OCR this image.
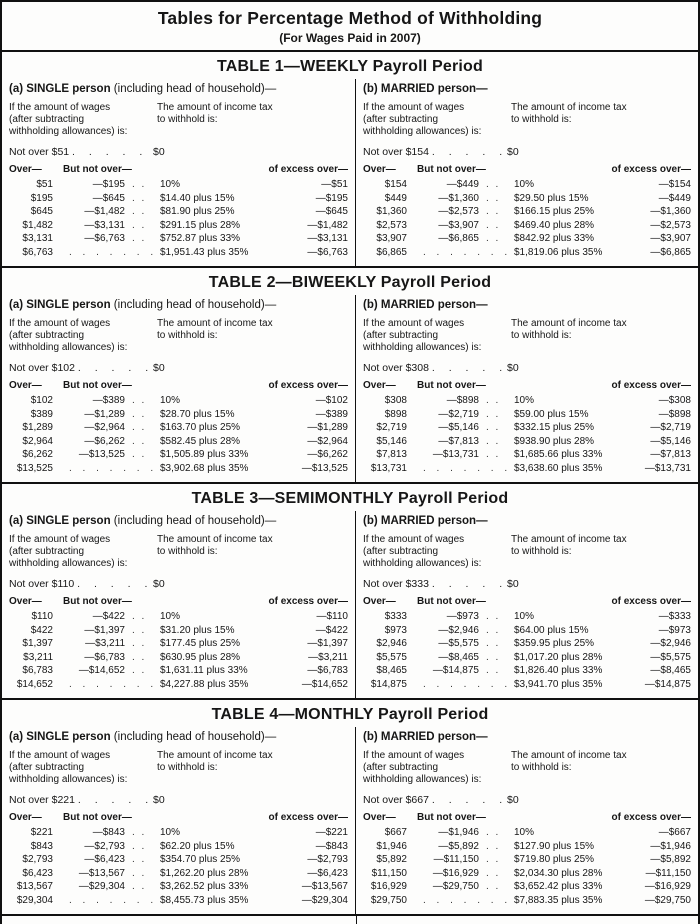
Tables for Percentage Method of Withholding
(For Wages Paid in 2007)
TABLE 1—WEEKLY Payroll Period
(a) SINGLE person (including head of household)—
If the amount of wages
(after subtracting
withholding allowances) is:
The amount of income tax
to withhold is:
Not over $51 . . . . . $0
Over—	But not over—	of excess over—
$51	—$195 . .	10%	—$51
$195	—$645 . .	$14.40 plus 15%	—$195
$645	—$1,482 . .	$81.90 plus 25%	—$645
$1,482	—$3,131 . .	$291.15 plus 28%	—$1,482
$3,131	—$6,763 . .	$752.87 plus 33%	—$3,131
$6,763	. . . . . . . $1,951.43 plus 35%	—$6,763
(b) MARRIED person—
If the amount of wages
(after subtracting
withholding allowances) is:
The amount of income tax
to withhold is:
Not over $154 . . . . . $0
Over—	But not over—	of excess over—
$154	—$449 . .	10%	—$154
$449	—$1,360 . .	$29.50 plus 15%	—$449
$1,360	—$2,573 . .	$166.15 plus 25%	—$1,360
$2,573	—$3,907 . .	$469.40 plus 28%	—$2,573
$3,907	—$6,865 . .	$842.92 plus 33%	—$3,907
$6,865	. . . . . . . $1,819.06 plus 35%	—$6,865
TABLE 2—BIWEEKLY Payroll Period
(a) SINGLE person (including head of household)—
If the amount of wages
(after subtracting
withholding allowances) is:
The amount of income tax
to withhold is:
Not over $102 . . . . . $0
Over—	But not over—	of excess over—
$102	—$389 . .	10%	—$102
$389	—$1,289 . .	$28.70 plus 15%	—$389
$1,289	—$2,964 . .	$163.70 plus 25%	—$1,289
$2,964	—$6,262 . .	$582.45 plus 28%	—$2,964
$6,262	—$13,525 . .	$1,505.89 plus 33%	—$6,262
$13,525	. . . . . . . $3,902.68 plus 35%	—$13,525
(b) MARRIED person—
If the amount of wages
(after subtracting
withholding allowances) is:
The amount of income tax
to withhold is:
Not over $308 . . . . . $0
Over—	But not over—	of excess over—
$308	—$898 . .	10%	—$308
$898	—$2,719 . .	$59.00 plus 15%	—$898
$2,719	—$5,146 . .	$332.15 plus 25%	—$2,719
$5,146	—$7,813 . .	$938.90 plus 28%	—$5,146
$7,813	—$13,731 . .	$1,685.66 plus 33%	—$7,813
$13,731	. . . . . . . $3,638.60 plus 35%	—$13,731
TABLE 3—SEMIMONTHLY Payroll Period
(a) SINGLE person (including head of household)—
If the amount of wages
(after subtracting
withholding allowances) is:
The amount of income tax
to withhold is:
Not over $110 . . . . . $0
Over—	But not over—	of excess over—
$110	—$422 . .	10%	—$110
$422	—$1,397 . .	$31.20 plus 15%	—$422
$1,397	—$3,211 . .	$177.45 plus 25%	—$1,397
$3,211	—$6,783 . .	$630.95 plus 28%	—$3,211
$6,783	—$14,652 . .	$1,631.11 plus 33%	—$6,783
$14,652	. . . . . . . $4,227.88 plus 35%	—$14,652
(b) MARRIED person—
If the amount of wages
(after subtracting
withholding allowances) is:
The amount of income tax
to withhold is:
Not over $333 . . . . . $0
Over—	But not over—	of excess over—
$333	—$973 . .	10%	—$333
$973	—$2,946 . .	$64.00 plus 15%	—$973
$2,946	—$5,575 . .	$359.95 plus 25%	—$2,946
$5,575	—$8,465 . .	$1,017.20 plus 28%	—$5,575
$8,465	—$14,875 . .	$1,826.40 plus 33%	—$8,465
$14,875	. . . . . . . $3,941.70 plus 35%	—$14,875
TABLE 4—MONTHLY Payroll Period
(a) SINGLE person (including head of household)—
If the amount of wages
(after subtracting
withholding allowances) is:
The amount of income tax
to withhold is:
Not over $221 . . . . . $0
Over—	But not over—	of excess over—
$221	—$843 . .	10%	—$221
$843	—$2,793 . .	$62.20 plus 15%	—$843
$2,793	—$6,423 . .	$354.70 plus 25%	—$2,793
$6,423	—$13,567 . .	$1,262.20 plus 28%	—$6,423
$13,567	—$29,304 . .	$3,262.52 plus 33%	—$13,567
$29,304	. . . . . . . $8,455.73 plus 35%	—$29,304
(b) MARRIED person—
If the amount of wages
(after subtracting
withholding allowances) is:
The amount of income tax
to withhold is:
Not over $667 . . . . . $0
Over—	But not over—	of excess over—
$667	—$1,946 . .	10%	—$667
$1,946	—$5,892 . .	$127.90 plus 15%	—$1,946
$5,892	—$11,150 . .	$719.80 plus 25%	—$5,892
$11,150	—$16,929 . .	$2,034.30 plus 28%	—$11,150
$16,929	—$29,750 . .	$3,652.42 plus 33%	—$16,929
$29,750	. . . . . . . $7,883.35 plus 35%	—$29,750
